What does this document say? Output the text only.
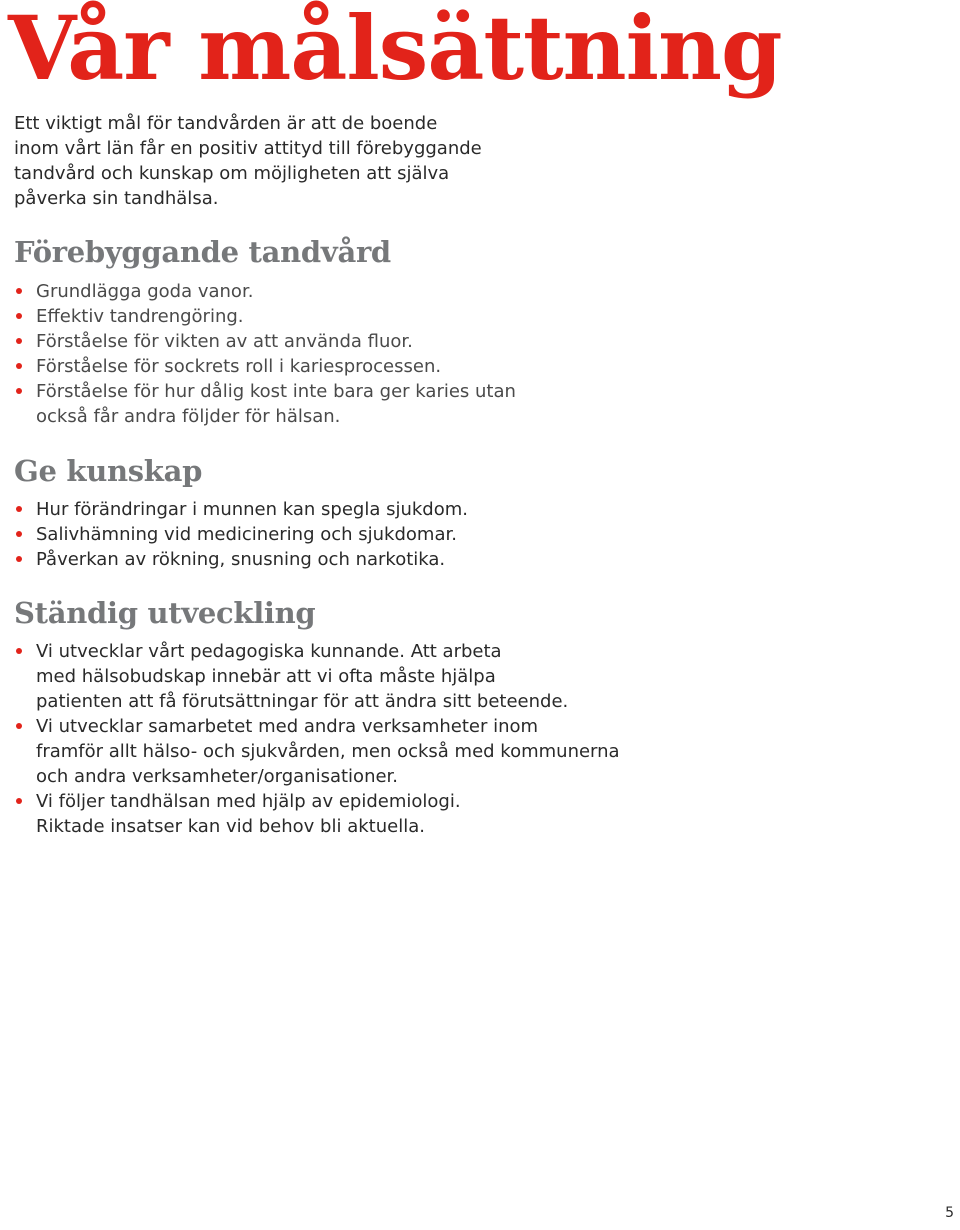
Vår målsättning

Ett viktigt mål för tandvården är att de boende
inom vårt län får en positiv attityd till förebyggande
tandvård och kunskap om möjligheten att själva
påverka sin tandhälsa.

Förebyggande tandvård
Grundlägga goda vanor.
Effektiv tandrengöring.
Förståelse för vikten av att använda fluor.
Förståelse för sockrets roll i kariesprocessen.
Förståelse för hur dålig kost inte bara ger karies utan
också får andra följder för hälsan.
Ge kunskap
Hur förändringar i munnen kan spegla sjukdom.
Salivhämning vid medicinering och sjukdomar.
Påverkan av rökning, snusning och narkotika.
Ständig utveckling
Vi utvecklar vårt pedagogiska kunnande. Att arbeta
med hälsobudskap innebär att vi ofta måste hjälpa
patienten att få förutsättningar för att ändra sitt beteende.
Vi utvecklar samarbetet med andra verksamheter inom
framför allt hälso- och sjukvården, men också med kommunerna
och andra verksamheter/organisationer.
Vi följer tandhälsan med hjälp av epidemiologi.
Riktade insatser kan vid behov bli aktuella.
5
